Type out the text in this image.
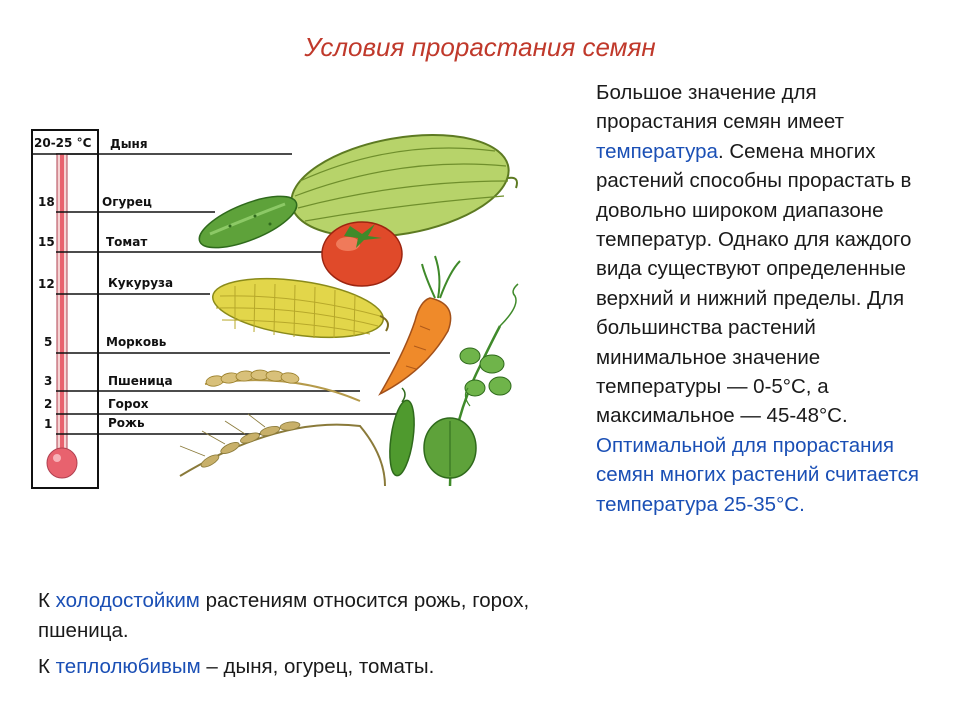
Условия прорастания семян
20-25 °C
18
15
12
5
3
2
1
Дыня
Огурец
Томат
Кукуруза
Морковь
Пшеница
Горох
Рожь
Большое значение для прорастания семян имеет температура. Семена многих растений способны прорастать в довольно широком диапазоне температур. Однако для каждого вида существуют определенные верхний и нижний пределы. Для большинства растений минимальное значение температуры — 0-5°С, а максимальное — 45-48°С. Оптимальной для прорастания семян многих растений считается температура 25-35°С.
К холодостойким растениям относится рожь, горох, пшеница.
К теплолюбивым – дыня, огурец, томаты.
